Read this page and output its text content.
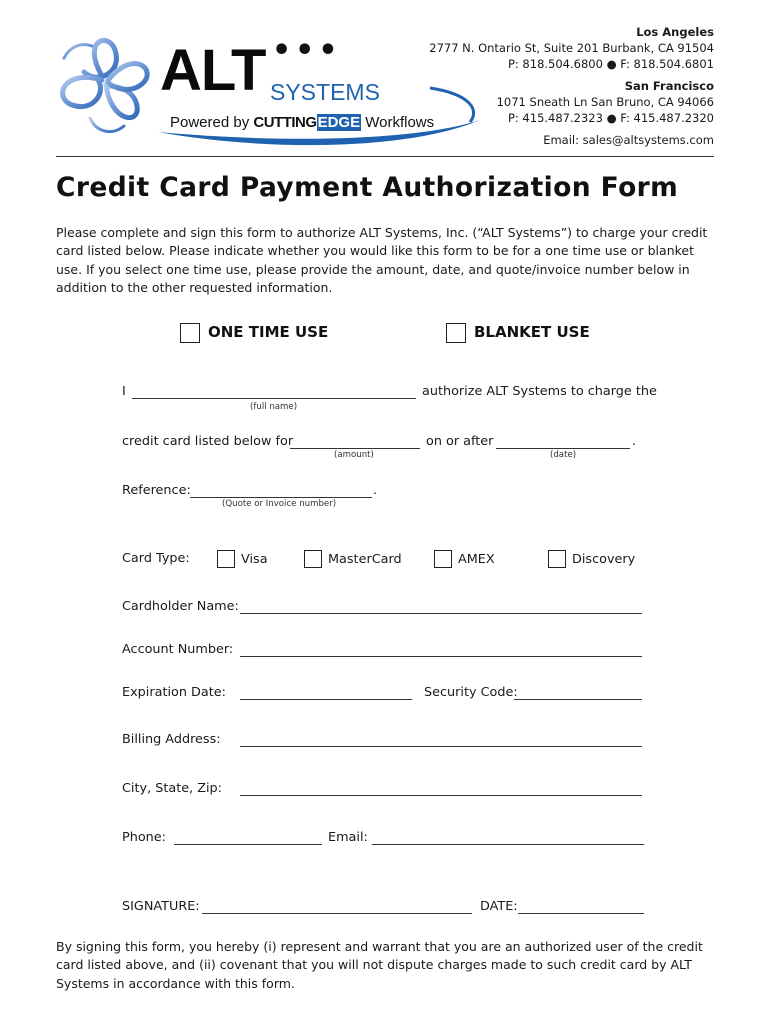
ALT •••
SYSTEMS
Powered by CUTTINGEDGE Workflows
Los Angeles
2777 N. Ontario St, Suite 201 Burbank, CA 91504
P: 818.504.6800 ● F: 818.504.6801
San Francisco
1071 Sneath Ln San Bruno, CA 94066
P: 415.487.2323 ● F: 415.487.2320
Email: sales@altsystems.com
Credit Card Payment Authorization Form
Please complete and sign this form to authorize ALT Systems, Inc. (“ALT Systems”) to charge your credit card listed below. Please indicate whether you would like this form to be for a one time use or blanket use. If you select one time use, please provide the amount, date, and quote/invoice number below in addition to the other requested information.
ONE TIME USE	BLANKET USE
I	authorize ALT Systems to charge the
(full name)
credit card listed below for	on or after	.
(amount)	(date)
Reference:	.
(Quote or Invoice number)
Card Type:	Visa	MasterCard	AMEX	Discovery
Cardholder Name:
Account Number:
Expiration Date:	Security Code:
Billing Address:
City, State, Zip:
Phone:	Email:
SIGNATURE:	DATE:
By signing this form, you hereby (i) represent and warrant that you are an authorized user of the credit card listed above, and (ii) covenant that you will not dispute charges made to such credit card by ALT Systems in accordance with this form.
